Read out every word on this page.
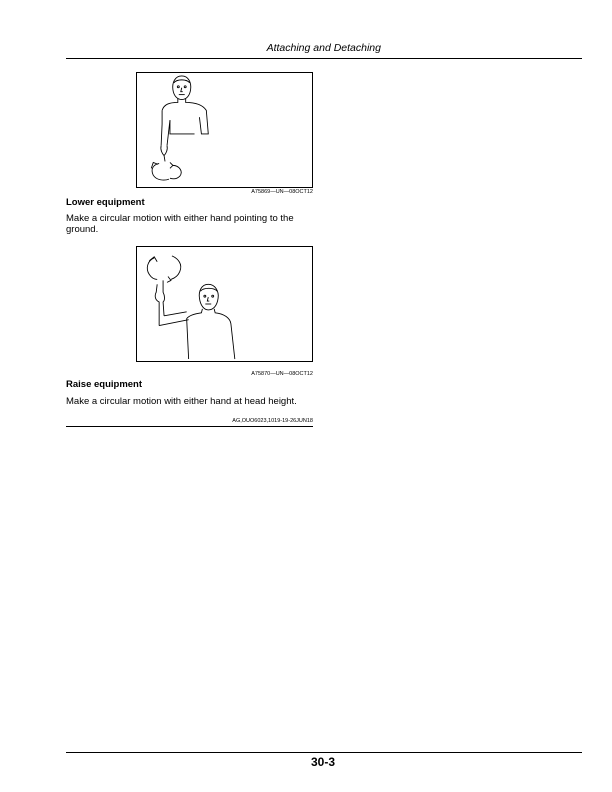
Attaching and Detaching
A75869—UN—08OCT12
Lower equipment
Make a circular motion with either hand pointing to the ground.
A75870—UN—08OCT12
Raise equipment
Make a circular motion with either hand at head height.
AG,OUO6023,1019-19-26JUN18
30-3
